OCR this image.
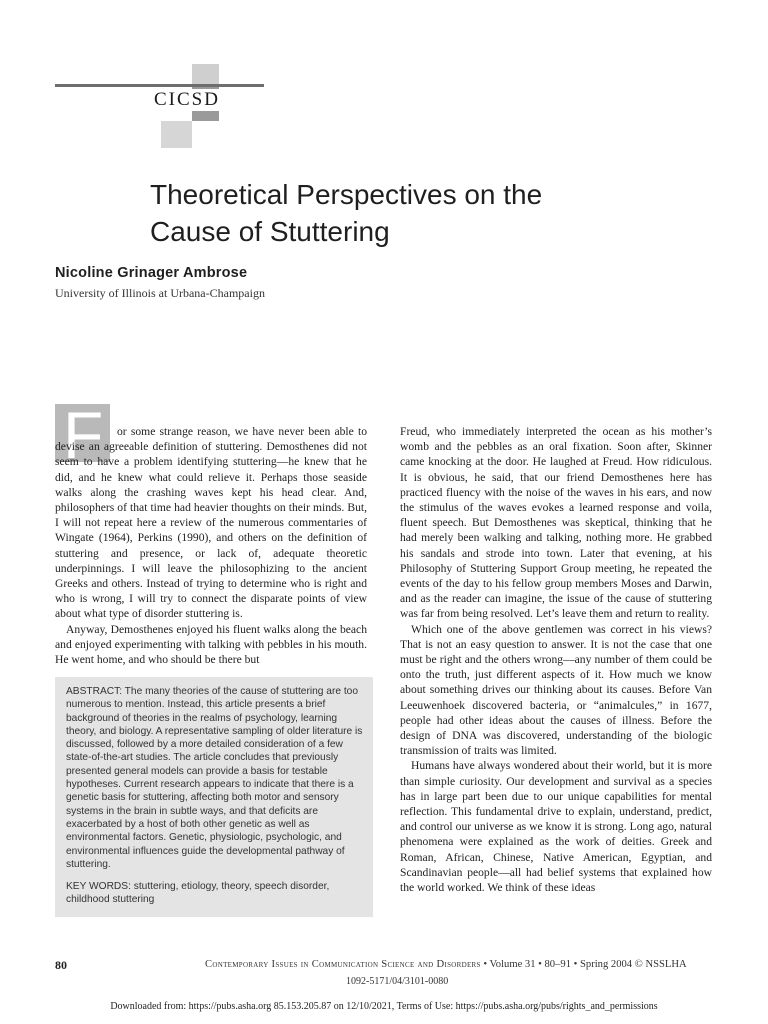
CICSD
Theoretical Perspectives on the
Cause of Stuttering
Nicoline Grinager Ambrose
University of Illinois at Urbana-Champaign
F	or some strange reason, we have never been able to devise an agreeable definition of stuttering. Demosthenes did not seem to have a problem identifying stuttering—he knew that he did, and he knew what could relieve it. Perhaps those seaside walks along the crashing waves kept his head clear. And, philosophers of that time had heavier thoughts on their minds. But, I will not repeat here a review of the numerous commentaries of Wingate (1964), Perkins (1990), and others on the definition of stuttering and presence, or lack of, adequate theoretic underpinnings. I will leave the philosophizing to the ancient Greeks and others. Instead of trying to determine who is right and who is wrong, I will try to connect the disparate points of view about what type of disorder stuttering is.

Anyway, Demosthenes enjoyed his fluent walks along the beach and enjoyed experimenting with talking with pebbles in his mouth. He went home, and who should be there but

ABSTRACT: The many theories of the cause of stuttering are too numerous to mention. Instead, this article presents a brief background of theories in the realms of psychology, learning theory, and biology. A representative sampling of older literature is discussed, followed by a more detailed consideration of a few state-of-the-art studies. The article concludes that previously presented general models can provide a basis for testable hypotheses. Current research appears to indicate that there is a genetic basis for stuttering, affecting both motor and sensory systems in the brain in subtle ways, and that deficits are exacerbated by a host of both other genetic as well as environmental factors. Genetic, physiologic, psychologic, and environmental influences guide the developmental pathway of stuttering.

KEY WORDS: stuttering, etiology, theory, speech disorder, childhood stuttering

Freud, who immediately interpreted the ocean as his mother’s womb and the pebbles as an oral fixation. Soon after, Skinner came knocking at the door. He laughed at Freud. How ridiculous. It is obvious, he said, that our friend Demosthenes here has practiced fluency with the noise of the waves in his ears, and now the stimulus of the waves evokes a learned response and voila, fluent speech. But Demosthenes was skeptical, thinking that he had merely been walking and talking, nothing more. He grabbed his sandals and strode into town. Later that evening, at his Philosophy of Stuttering Support Group meeting, he repeated the events of the day to his fellow group members Moses and Darwin, and as the reader can imagine, the issue of the cause of stuttering was far from being resolved. Let’s leave them and return to reality.

Which one of the above gentlemen was correct in his views? That is not an easy question to answer. It is not the case that one must be right and the others wrong—any number of them could be onto the truth, just different aspects of it. How much we know about something drives our thinking about its causes. Before Van Leeuwenhoek discovered bacteria, or “animalcules,” in 1677, people had other ideas about the causes of illness. Before the design of DNA was discovered, understanding of the biologic transmission of traits was limited.

Humans have always wondered about their world, but it is more than simple curiosity. Our development and survival as a species has in large part been due to our unique capabilities for mental reflection. This fundamental drive to explain, understand, predict, and control our universe as we know it is strong. Long ago, natural phenomena were explained as the work of deities. Greek and Roman, African, Chinese, Native American, Egyptian, and Scandinavian people—all had belief systems that explained how the world worked. We think of these ideas

80	Contemporary Issues in Communication Science and Disorders • Volume 31 • 80–91 • Spring 2004 © NSSLHA
1092-5171/04/3101-0080
Downloaded from: https://pubs.asha.org 85.153.205.87 on 12/10/2021, Terms of Use: https://pubs.asha.org/pubs/rights_and_permissions
